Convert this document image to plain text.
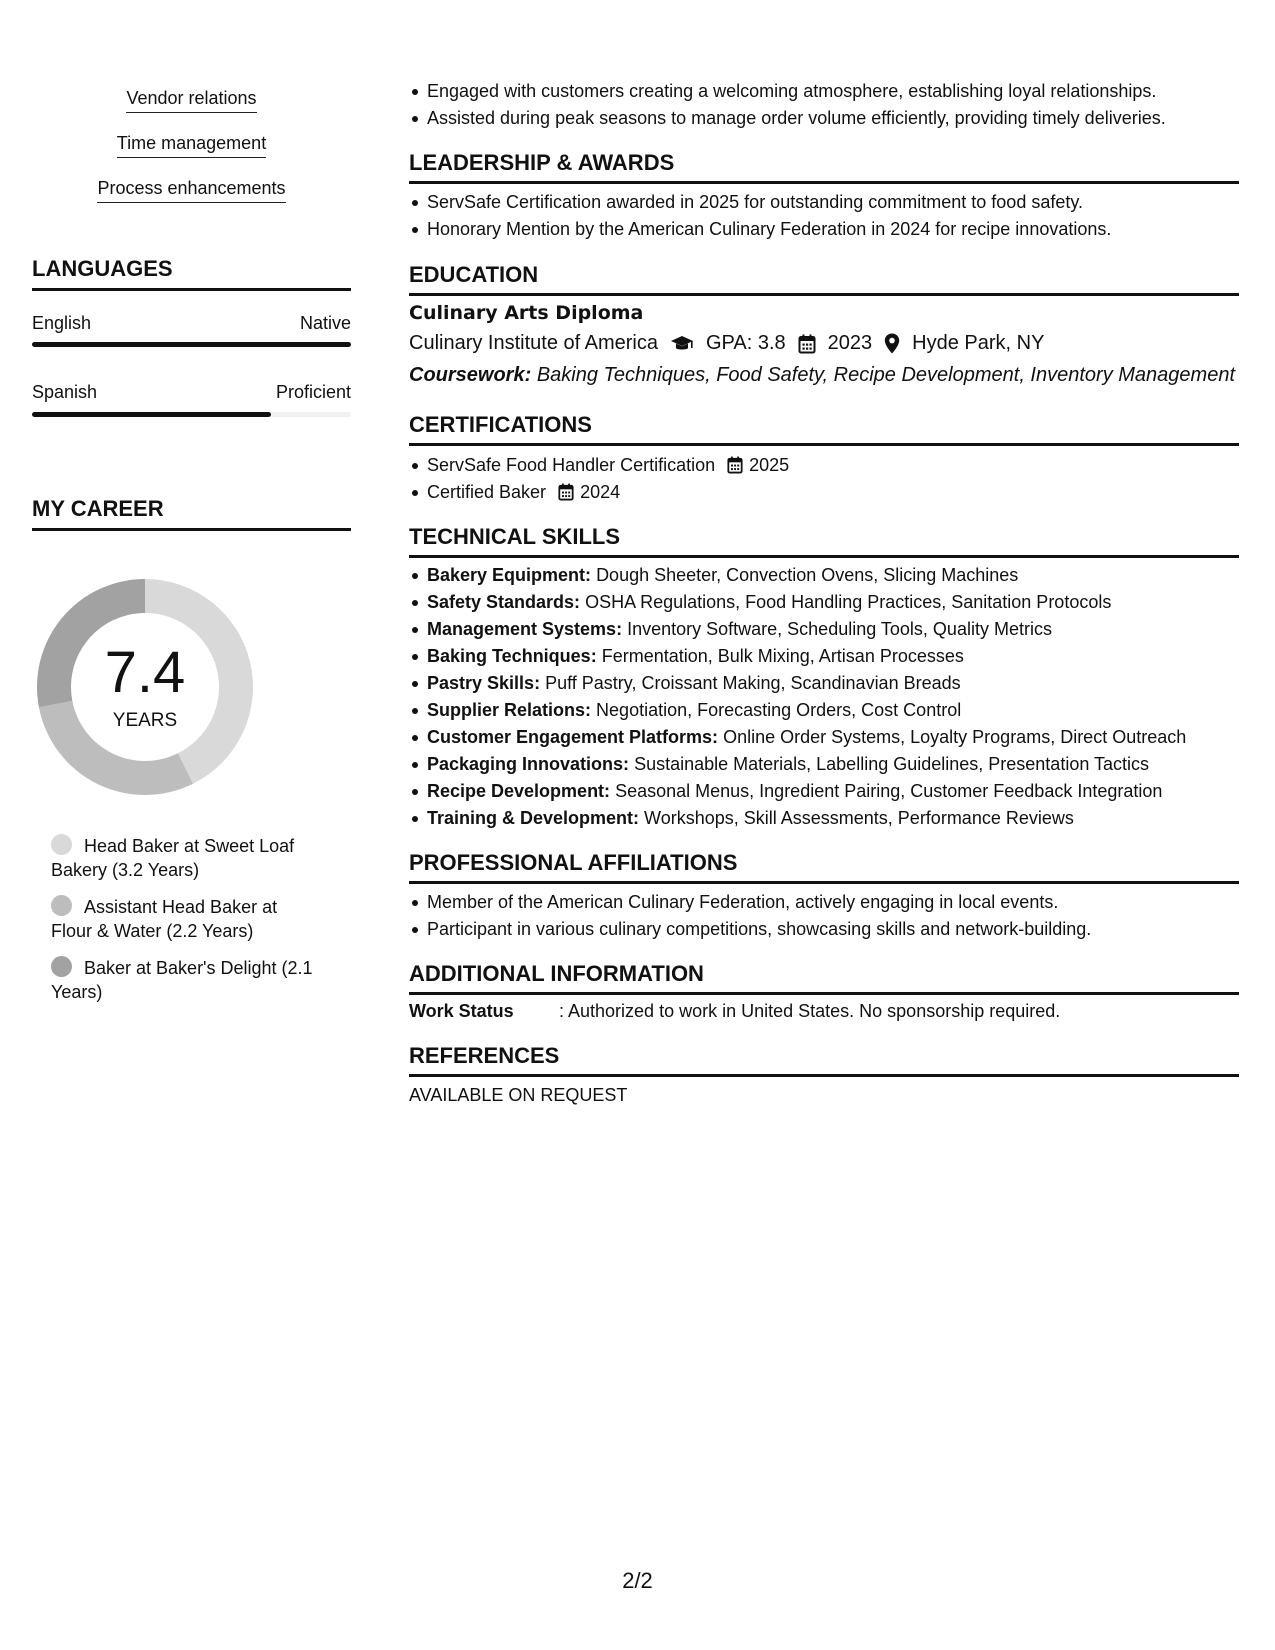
Vendor relations
Time management
Process enhancements
LANGUAGES
English	Native
Spanish	Proficient
MY CAREER
7.4
YEARS
Head Baker at Sweet Loaf Bakery (3.2 Years)
Assistant Head Baker at Flour & Water (2.2 Years)
Baker at Baker's Delight (2.1 Years)
Engaged with customers creating a welcoming atmosphere, establishing loyal relationships.
Assisted during peak seasons to manage order volume efficiently, providing timely deliveries.
LEADERSHIP & AWARDS
ServSafe Certification awarded in 2025 for outstanding commitment to food safety.
Honorary Mention by the American Culinary Federation in 2024 for recipe innovations.
EDUCATION
Culinary Arts Diploma
Culinary Institute of America GPA: 3.8 2023 Hyde Park, NY
Coursework: Baking Techniques, Food Safety, Recipe Development, Inventory Management
CERTIFICATIONS
ServSafe Food Handler Certification 2025
Certified Baker 2024
TECHNICAL SKILLS
Bakery Equipment: Dough Sheeter, Convection Ovens, Slicing Machines
Safety Standards: OSHA Regulations, Food Handling Practices, Sanitation Protocols
Management Systems: Inventory Software, Scheduling Tools, Quality Metrics
Baking Techniques: Fermentation, Bulk Mixing, Artisan Processes
Pastry Skills: Puff Pastry, Croissant Making, Scandinavian Breads
Supplier Relations: Negotiation, Forecasting Orders, Cost Control
Customer Engagement Platforms: Online Order Systems, Loyalty Programs, Direct Outreach
Packaging Innovations: Sustainable Materials, Labelling Guidelines, Presentation Tactics
Recipe Development: Seasonal Menus, Ingredient Pairing, Customer Feedback Integration
Training & Development: Workshops, Skill Assessments, Performance Reviews
PROFESSIONAL AFFILIATIONS
Member of the American Culinary Federation, actively engaging in local events.
Participant in various culinary competitions, showcasing skills and network-building.
ADDITIONAL INFORMATION
Work Status	: Authorized to work in United States. No sponsorship required.
REFERENCES
AVAILABLE ON REQUEST
2/2
